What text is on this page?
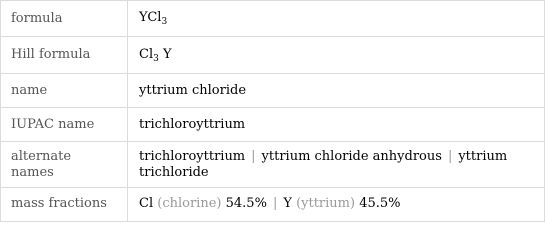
formula	YCl$_3$
Hill formula	$Cl_3$ Y
name	yttrium chloride
IUPAC name	trichloroyttrium
alternate names	trichloroyttrium | yttrium chloride anhydrous | yttrium trichloride
mass fractions	Cl (chlorine) 54.5% | Y (yttrium) 45.5%
